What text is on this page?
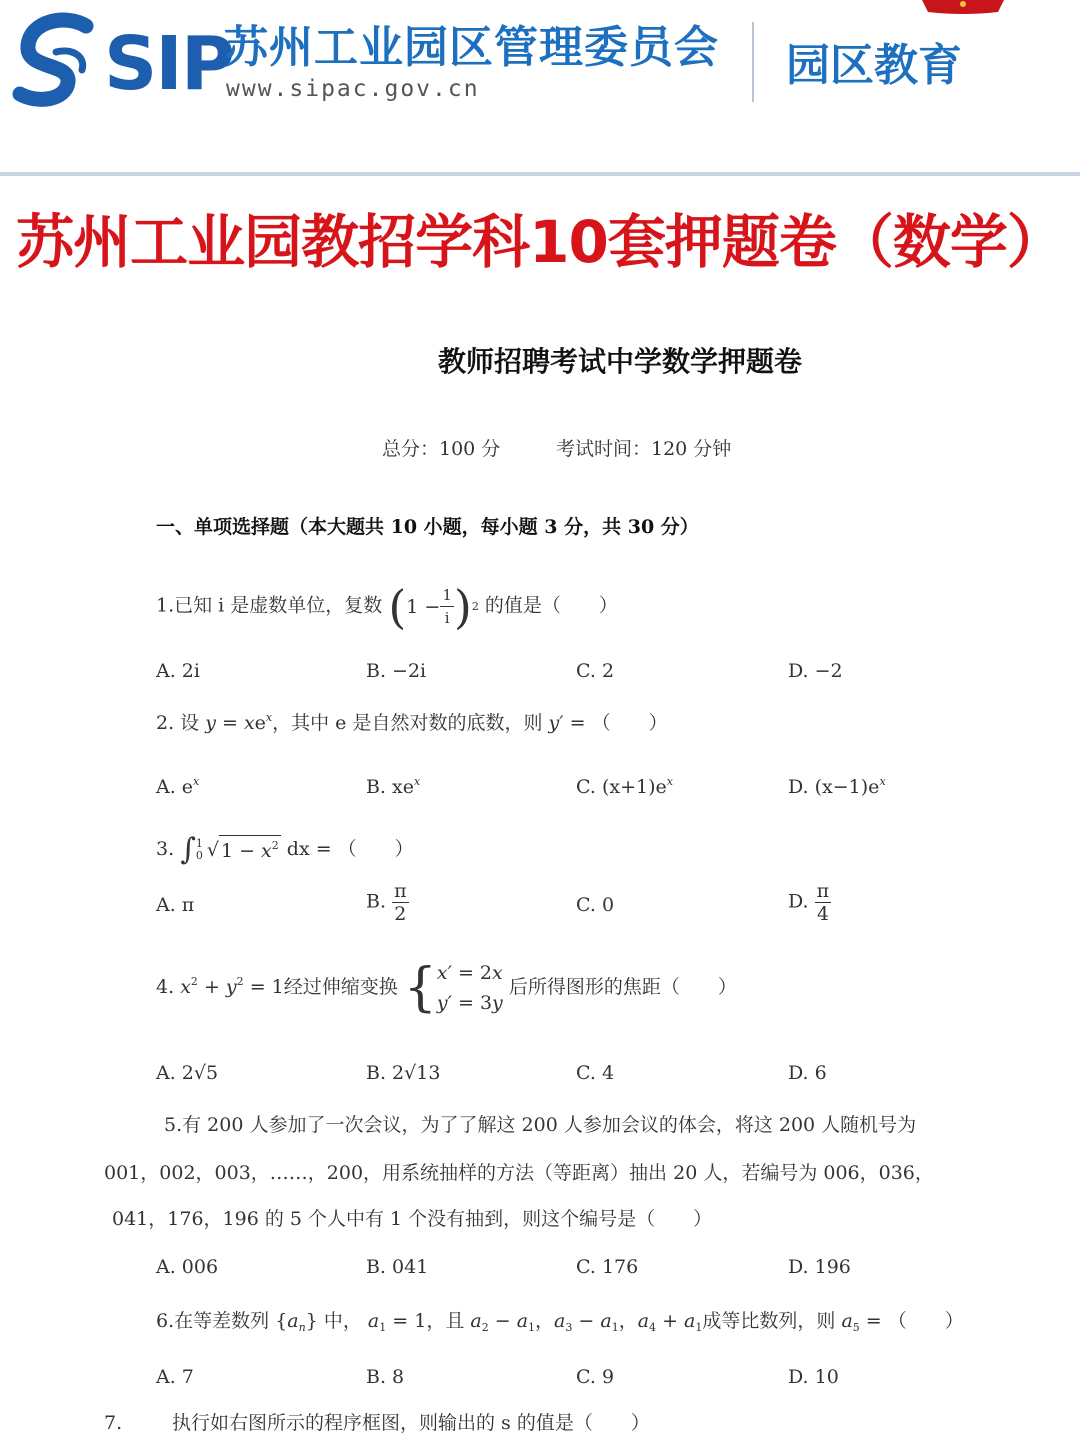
SIP
苏州工业园区管理委员会
www.sipac.gov.cn	园区教育
苏州工业园教招学科10套押题卷（数学）
教师招聘考试中学数学押题卷
总分：100 分	考试时间：120 分钟
一、单项选择题（本大题共 10 小题，每小题 3 分，共 30 分）
1.已知 i 是虚数单位，复数 ( $1 - \frac{1}{i}$ ) 2 的值是（　　）
A. 2i	B. −2i	C. 2	D. −2
2. 设 $y = xe^x$，其中 e 是自然对数的底数，则 y′ = （　　）
A. $e^x$	B. $xe^x$	C. $(x+1)e^x$	D. $(x-1)e^x$
3. ∫ 1
0 √ $1 - x^2$ dx = （　　）
A. π	B. $\frac{\pi}{2}$	C. 0	D. $\frac{\pi}{4}$
4. $x^2 + y^2 = 1$经过伸缩变换 { x′ = 2x
y′ = 3y
后所得图形的焦距（　　）
A. 2√5	B. 2√13	C. 4	D. 6
5.有 200 人参加了一次会议，为了了解这 200 人参加会议的体会，将这 200 人随机号为
001，002，003，……，200，用系统抽样的方法（等距离）抽出 20 人，若编号为 006，036，
041，176，196 的 5 个人中有 1 个没有抽到，则这个编号是（　　）
A. 006	B. 041	C. 176	D. 196
6.在等差数列 $\{a_n\}$ 中， $a_1 = 1$，且 $a_2 - a_1$，$a_3 - a_1$，$a_4 + a_1$成等比数列，则 $a_5$ = （　　）
A. 7	B. 8	C. 9	D. 10
7.	执行如右图所示的程序框图，则输出的 s 的值是（　　）
